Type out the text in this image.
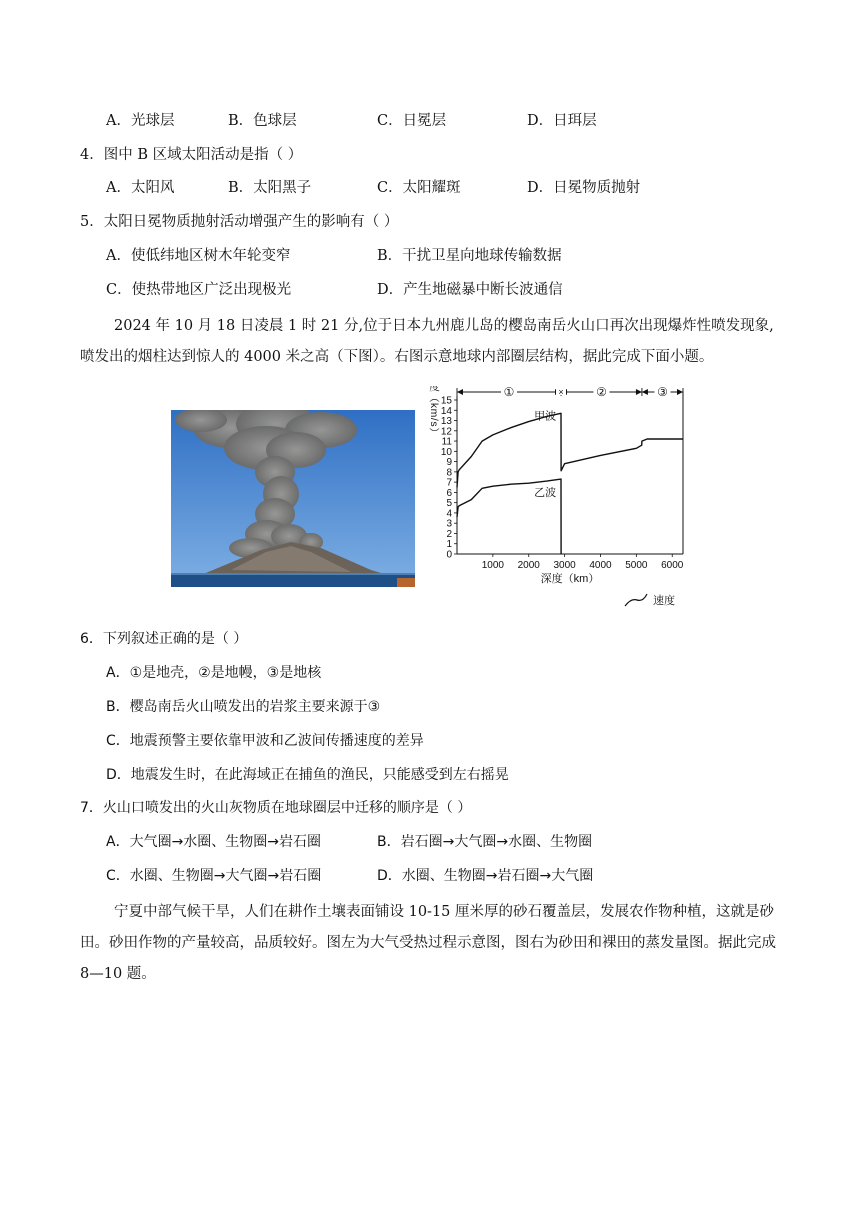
A．光球层	B．色球层	C．日冕层	D．日珥层
4．图中 B 区域太阳活动是指（ ）
A．太阳风	B．太阳黑子	C．太阳耀斑	D．日冕物质抛射
5．太阳日冕物质抛射活动增强产生的影响有（ ）
A．使低纬地区树木年轮变窄	B．干扰卫星向地球传输数据
C．使热带地区广泛出现极光	D．产生地磁暴中断长波通信
2024 年 10 月 18 日凌晨 1 时 21 分,位于日本九州鹿儿岛的樱岛南岳火山口再次出现爆炸性喷发现象,喷发出的烟柱达到惊人的 4000 米之高（下图）。右图示意地球内部圈层结构，据此完成下面小题。
0
1
2
3
4
5
6
7
8
9
10
11
12
13
14
15
1000 2000 3000 4000 5000 6000
深度（km）
速度（km/s）	①	×	②	③
甲波
乙波
速度
6．下列叙述正确的是（ ）
A．①是地壳，②是地幔，③是地核
B．樱岛南岳火山喷发出的岩浆主要来源于③
C．地震预警主要依靠甲波和乙波间传播速度的差异
D．地震发生时，在此海域正在捕鱼的渔民，只能感受到左右摇晃
7．火山口喷发出的火山灰物质在地球圈层中迁移的顺序是（ ）
A．大气圈→水圈、生物圈→岩石圈	B．岩石圈→大气圈→水圈、生物圈
C．水圈、生物圈→大气圈→岩石圈	D．水圈、生物圈→岩石圈→大气圈
宁夏中部气候干旱，人们在耕作土壤表面铺设 10-15 厘米厚的砂石覆盖层，发展农作物种植，这就是砂田。砂田作物的产量较高，品质较好。图左为大气受热过程示意图，图右为砂田和裸田的蒸发量图。据此完成 8—10 题。
